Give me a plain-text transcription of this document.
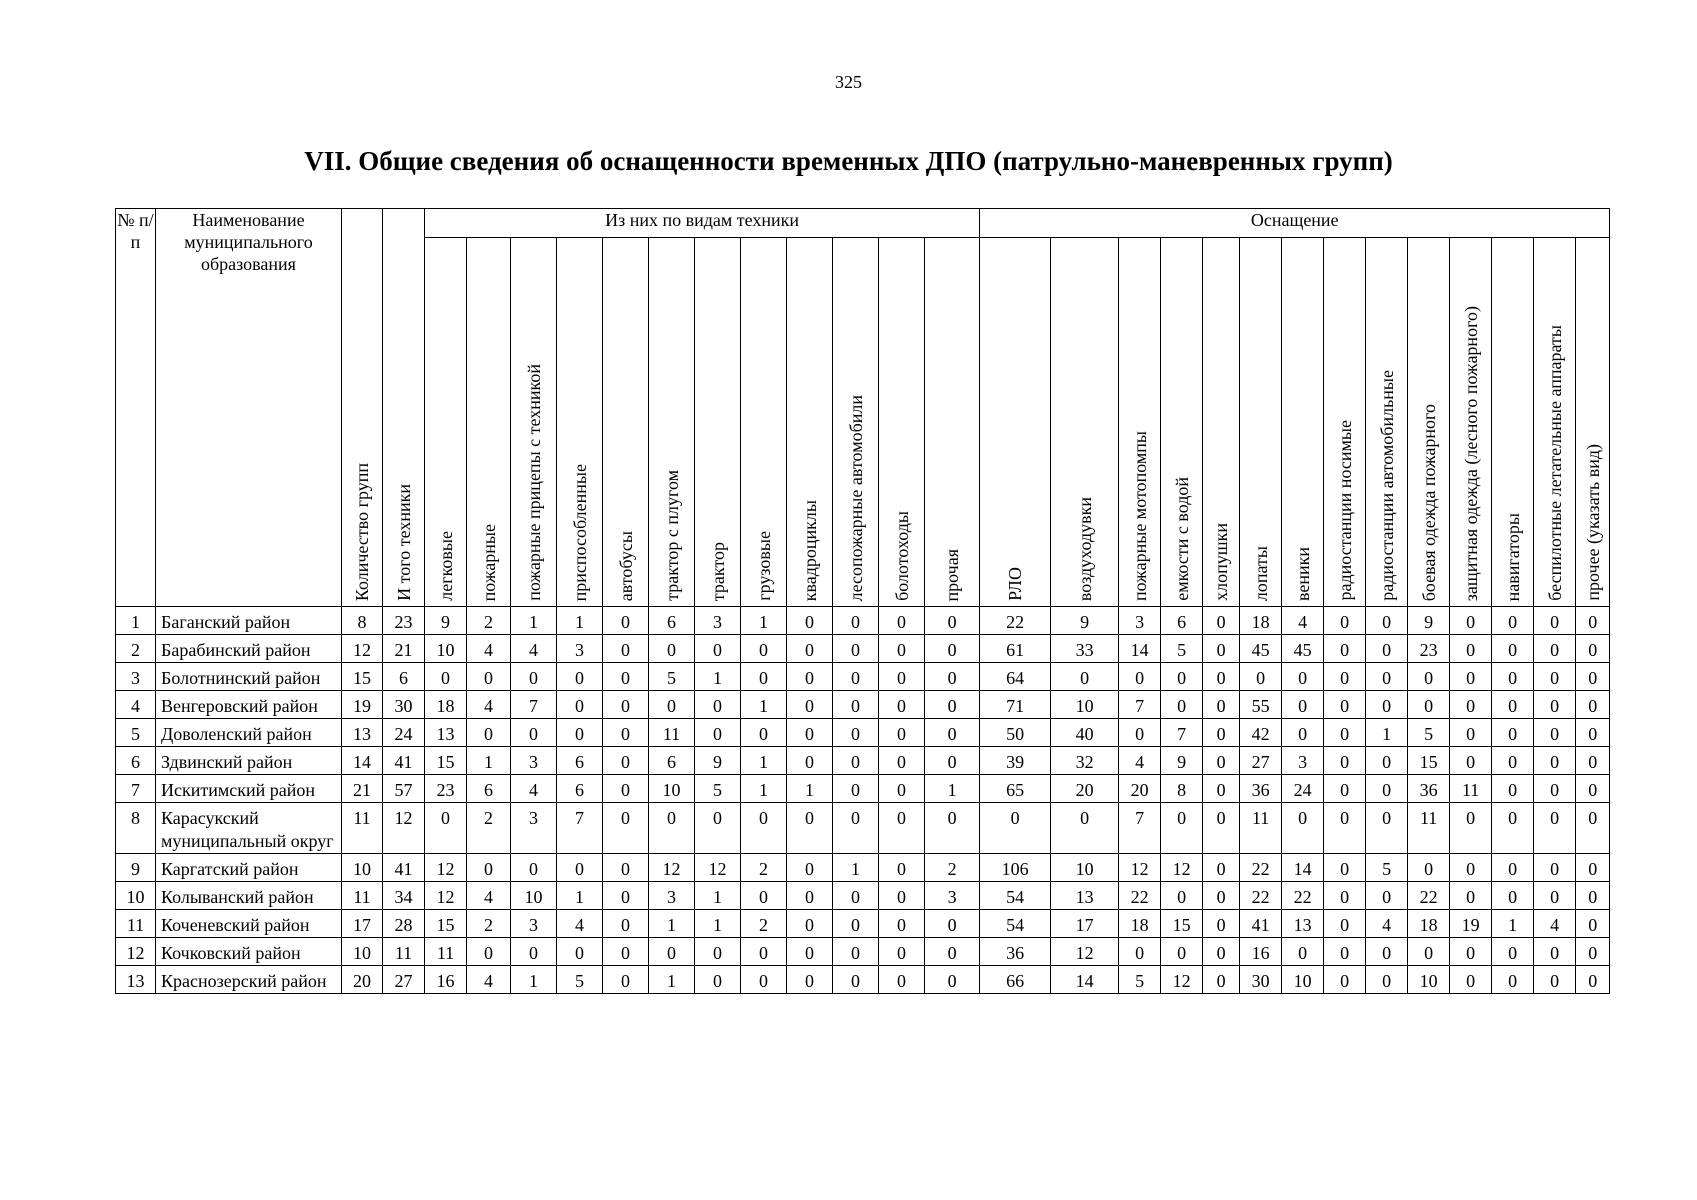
325
VII. Общие сведения об оснащенности временных ДПО (патрульно-маневренных групп)
№ п/п	Наименование муниципального образования	Количество групп	И того техники	Из них по видам техники												Оснащение													
				легковые	пожарные	пожарные прицепы с техникой	приспособленные	автобусы	трактор с плугом	трактор	грузовые	квадроциклы	лесопожарные автомобили	болотоходы	прочая	РЛО	воздуходувки	пожарные мотопомпы	емкости с водой	хлопушки	лопаты	веники	радиостанции носимые	радиостанции автомобильные	боевая одежда пожарного	защитная одежда (лесного пожарного)	навигаторы	беспилотные летательные аппараты	прочее (указать вид)
1	Баганский район	8	23	9	2	1	1	0	6	3	1	0	0	0	0	22	9	3	6	0	18	4	0	0	9	0	0	0	0
2	Барабинский район	12	21	10	4	4	3	0	0	0	0	0	0	0	0	61	33	14	5	0	45	45	0	0	23	0	0	0	0
3	Болотнинский район	15	6	0	0	0	0	0	5	1	0	0	0	0	0	64	0	0	0	0	0	0	0	0	0	0	0	0	0
4	Венгеровский район	19	30	18	4	7	0	0	0	0	1	0	0	0	0	71	10	7	0	0	55	0	0	0	0	0	0	0	0
5	Доволенский район	13	24	13	0	0	0	0	11	0	0	0	0	0	0	50	40	0	7	0	42	0	0	1	5	0	0	0	0
6	Здвинский район	14	41	15	1	3	6	0	6	9	1	0	0	0	0	39	32	4	9	0	27	3	0	0	15	0	0	0	0
7	Искитимский район	21	57	23	6	4	6	0	10	5	1	1	0	0	1	65	20	20	8	0	36	24	0	0	36	11	0	0	0
8	Карасукский муниципальный округ	11	12	0	2	3	7	0	0	0	0	0	0	0	0	0	0	7	0	0	11	0	0	0	11	0	0	0	0
9	Каргатский район	10	41	12	0	0	0	0	12	12	2	0	1	0	2	106	10	12	12	0	22	14	0	5	0	0	0	0	0
10	Колыванский район	11	34	12	4	10	1	0	3	1	0	0	0	0	3	54	13	22	0	0	22	22	0	0	22	0	0	0	0
11	Коченевский район	17	28	15	2	3	4	0	1	1	2	0	0	0	0	54	17	18	15	0	41	13	0	4	18	19	1	4	0
12	Кочковский район	10	11	11	0	0	0	0	0	0	0	0	0	0	0	36	12	0	0	0	16	0	0	0	0	0	0	0	0
13	Краснозерский район	20	27	16	4	1	5	0	1	0	0	0	0	0	0	66	14	5	12	0	30	10	0	0	10	0	0	0	0
